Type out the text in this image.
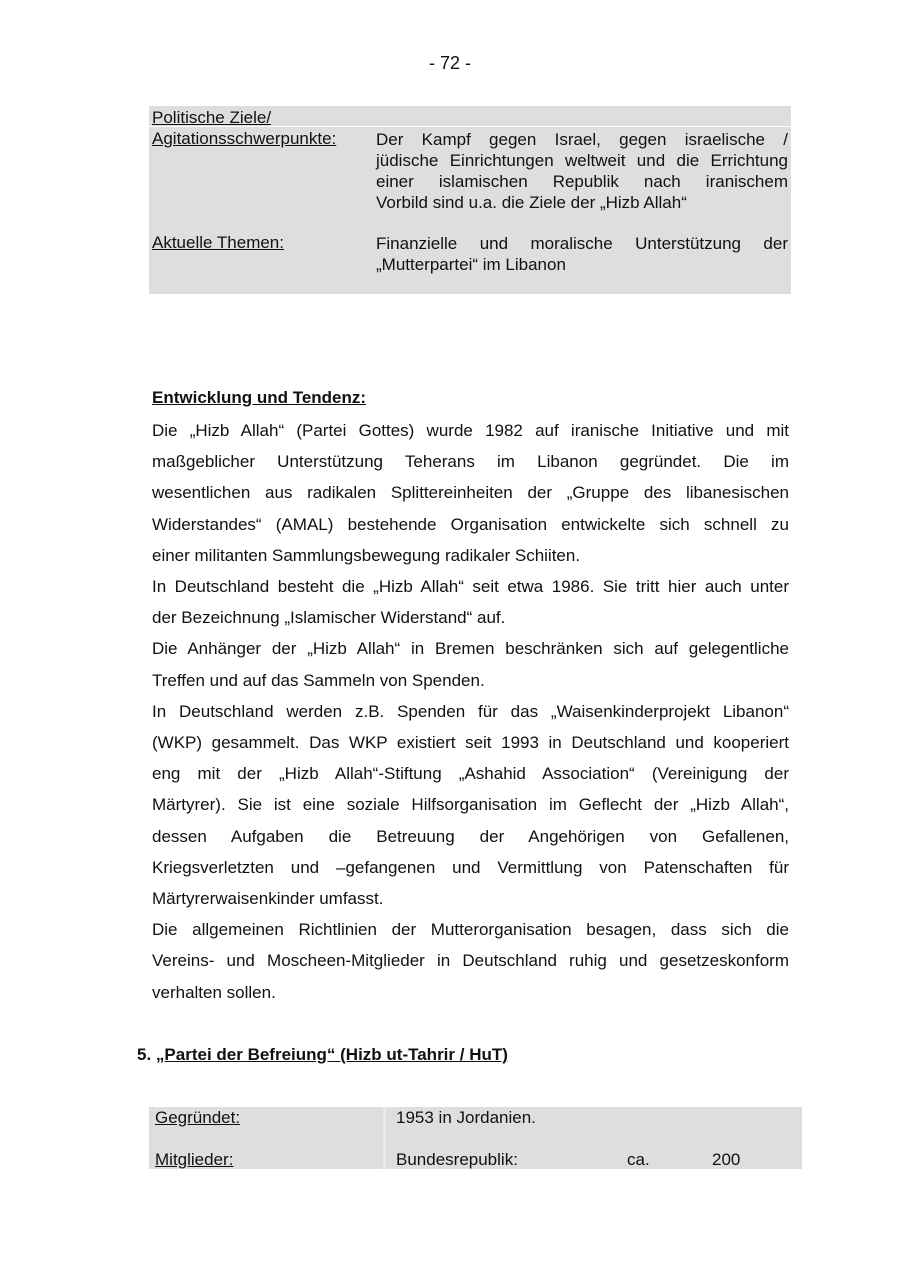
- 72 -
Politische Ziele/
Agitationsschwerpunkte: Der Kampf gegen Israel, gegen israelische /
jüdische Einrichtungen weltweit und die Errichtung
einer islamischen Republik nach iranischem
Vorbild sind u.a. die Ziele der „Hizb Allah“
Aktuelle Themen:	Finanzielle und moralische Unterstützung der
„Mutterpartei“ im Libanon
Entwicklung und Tendenz:

Die „Hizb Allah“ (Partei Gottes) wurde 1982 auf iranische Initiative und mit
maßgeblicher Unterstützung Teherans im Libanon gegründet. Die im
wesentlichen aus radikalen Splittereinheiten der „Gruppe des libanesischen
Widerstandes“ (AMAL) bestehende Organisation entwickelte sich schnell zu
einer militanten Sammlungsbewegung radikaler Schiiten.

In Deutschland besteht die „Hizb Allah“ seit etwa 1986. Sie tritt hier auch unter
der Bezeichnung „Islamischer Widerstand“ auf.

Die Anhänger der „Hizb Allah“ in Bremen beschränken sich auf gelegentliche
Treffen und auf das Sammeln von Spenden.

In Deutschland werden z.B. Spenden für das „Waisenkinderprojekt Libanon“
(WKP) gesammelt. Das WKP existiert seit 1993 in Deutschland und kooperiert
eng mit der „Hizb Allah“-Stiftung „Ashahid Association“ (Vereinigung der
Märtyrer). Sie ist eine soziale Hilfsorganisation im Geflecht der „Hizb Allah“,
dessen Aufgaben die Betreuung der Angehörigen von Gefallenen,
Kriegsverletzten und –gefangenen und Vermittlung von Patenschaften für
Märtyrerwaisenkinder umfasst.

Die allgemeinen Richtlinien der Mutterorganisation besagen, dass sich die
Vereins- und Moscheen-Mitglieder in Deutschland ruhig und gesetzeskonform
verhalten sollen.

5. „Partei der Befreiung“ (Hizb ut-Tahrir / HuT)
Gegründet:	1953 in Jordanien.
Mitglieder:	Bundesrepublik:	ca.	200
